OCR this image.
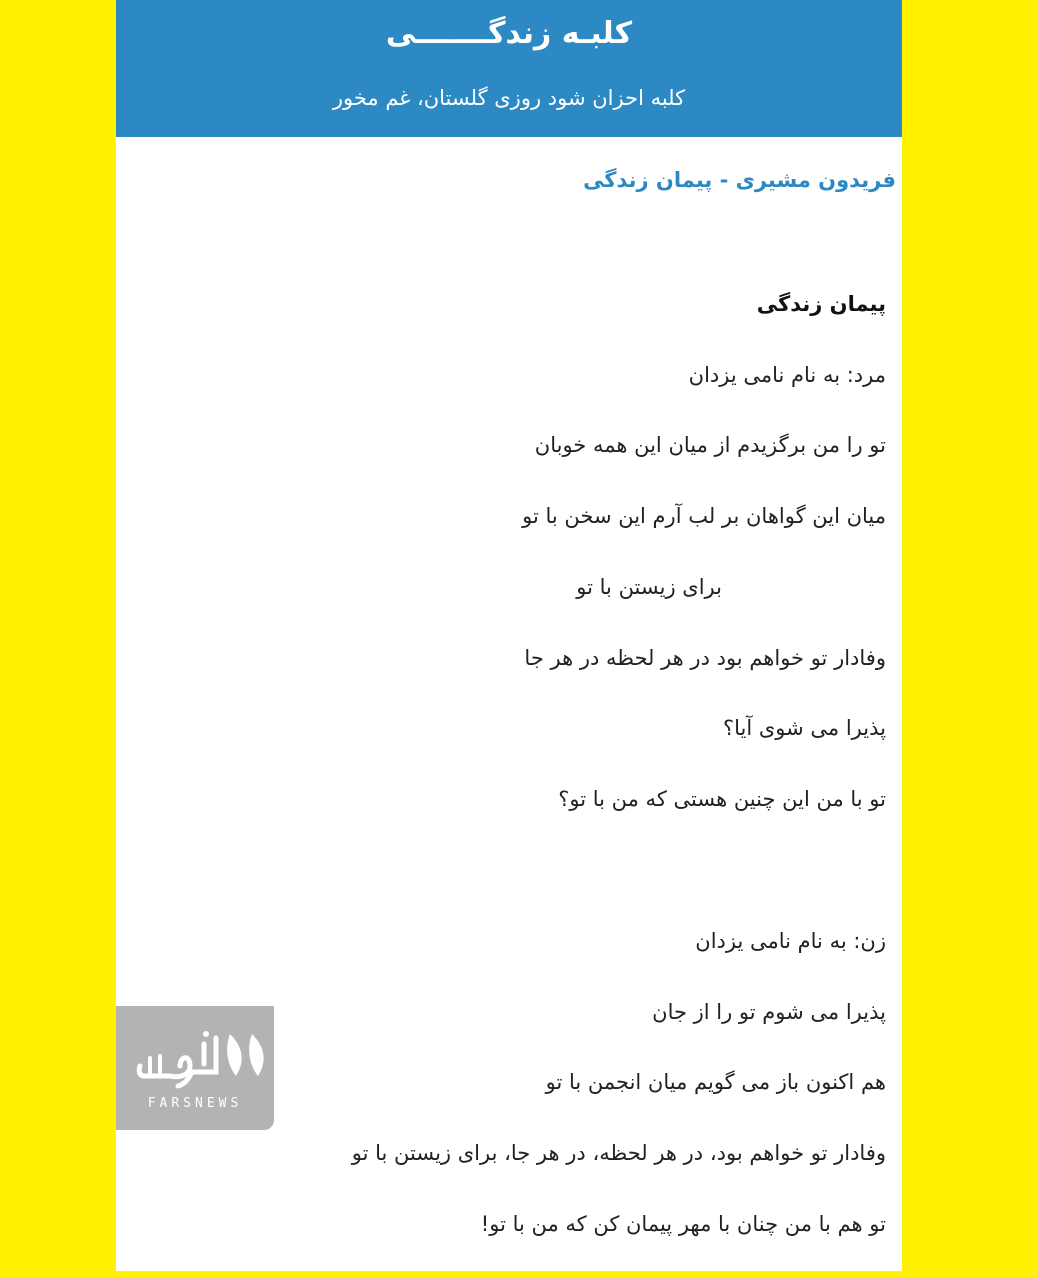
کلبـه زندگـــــــی
کلبه احزان شود روزی گلستان، غم مخور
فریدون مشیری - پیمان زندگی
پیمان زندگی
مرد: به نام نامی یزدان
تو را من برگزیدم از میان این همه خوبان
میان این گواهان بر لب آرم این سخن با تو
برای زیستن با تو
وفادار تو خواهم بود در هر لحظه در هر جا
پذیرا می شوی آیا؟
تو با من این چنین هستی که من با تو؟
زن: به نام نامی یزدان
پذیرا می شوم تو را از جان
هم اکنون باز می گویم میان انجمن با تو
وفادار تو خواهم بود، در هر لحظه، در هر جا، برای زیستن با تو
تو هم با من چنان با مهر پیمان کن که من با تو!
FARSNEWS
